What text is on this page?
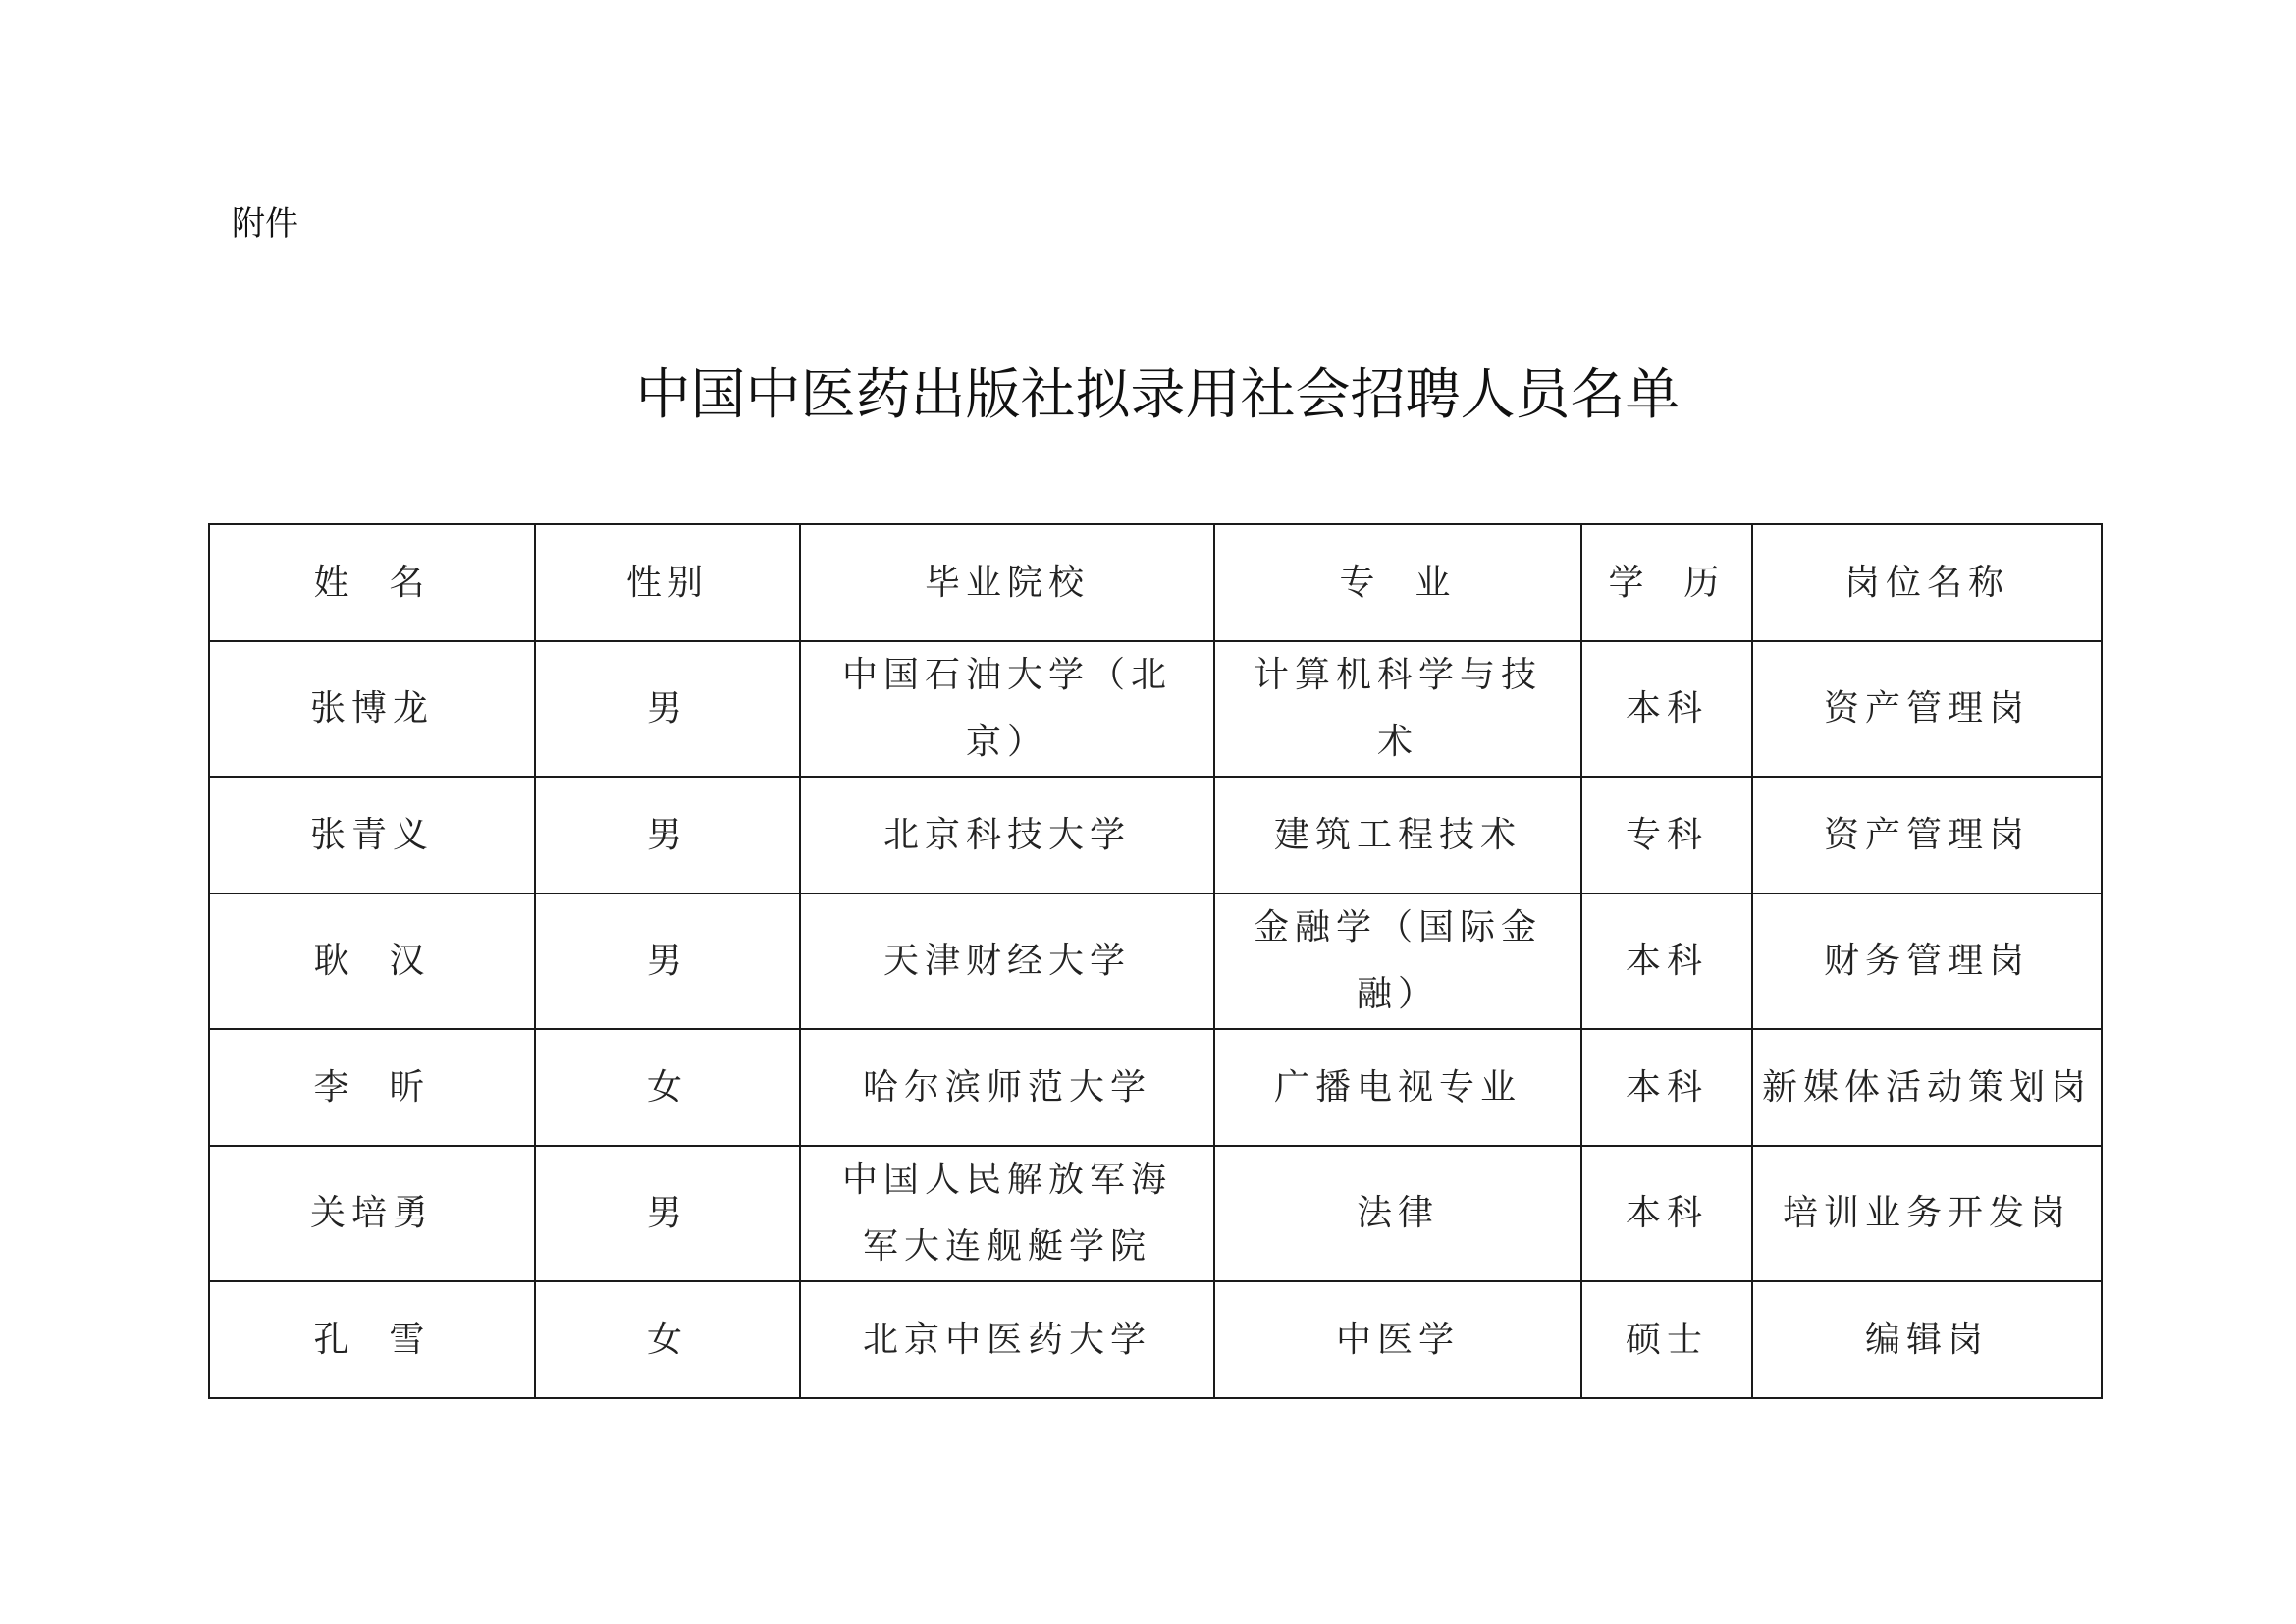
附件
中国中医药出版社拟录用社会招聘人员名单
姓  名	性别	毕业院校	专  业	学  历	岗位名称
张博龙	男	中国石油大学（北京）	计算机科学与技术	本科	资产管理岗
张青义	男	北京科技大学	建筑工程技术	专科	资产管理岗
耿  汉	男	天津财经大学	金融学（国际金融）	本科	财务管理岗
李  昕	女	哈尔滨师范大学	广播电视专业	本科	新媒体活动策划岗
关培勇	男	中国人民解放军海军大连舰艇学院	法律	本科	培训业务开发岗
孔  雪	女	北京中医药大学	中医学	硕士	编辑岗
